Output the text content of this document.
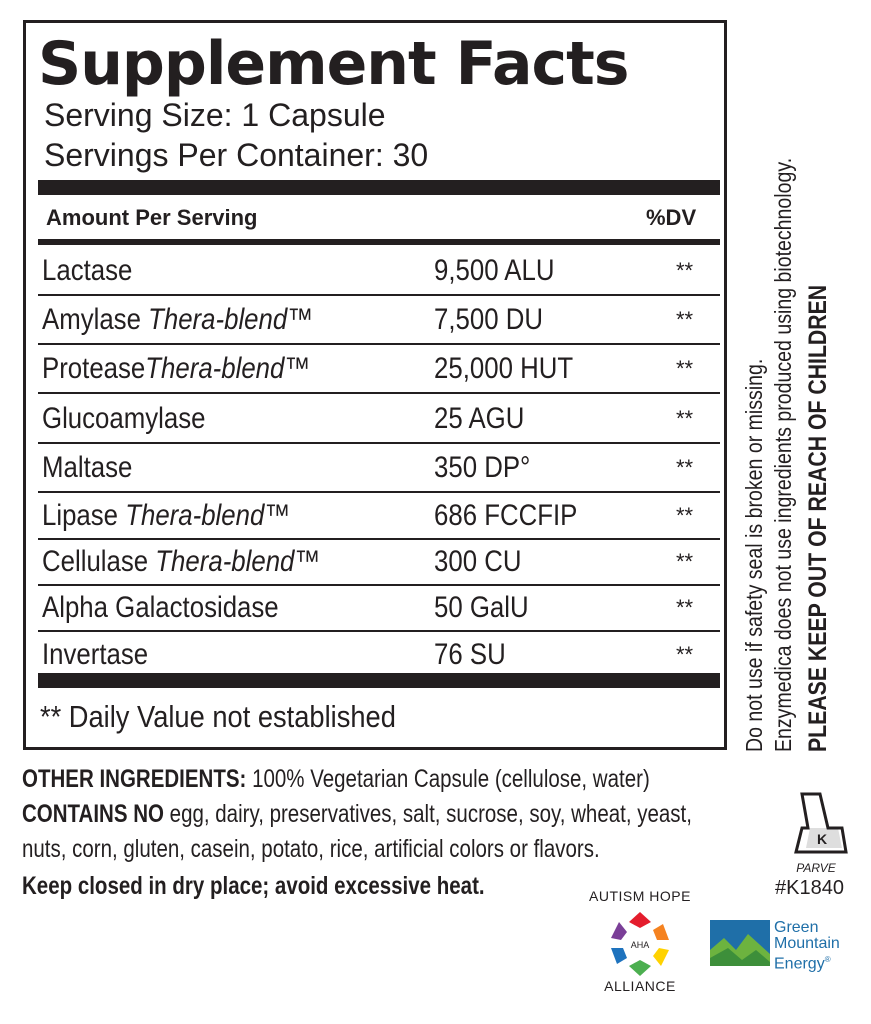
Supplement Facts
Serving Size: 1 Capsule
Servings Per Container: 30
Amount Per Serving	%DV
Lactase	9,500 ALU	**
Amylase Thera-blend™	7,500 DU	**
ProteaseThera-blend™	25,000 HUT	**
Glucoamylase	25 AGU	**
Maltase	350 DP°	**
Lipase Thera-blend™	686 FCCFIP	**
Cellulase Thera-blend™	300 CU	**
Alpha Galactosidase	50 GalU	**
Invertase	76 SU	**
** Daily Value not established	Do not use if safety seal is broken or missing. Enzymedica does not use ingredients produced using biotechnology. PLEASE KEEP OUT OF REACH OF CHILDREN
OTHER INGREDIENTS: 100% Vegetarian Capsule (cellulose, water)
CONTAINS NO egg, dairy, preservatives, salt, sucrose, soy, wheat, yeast,
nuts, corn, gluten, casein, potato, rice, artificial colors or flavors.
Keep closed in dry place; avoid excessive heat.	AUTISM HOPE
AHA
ALLIANCE
Green
Mountain
Energy®
K
PARVE
#K1840
